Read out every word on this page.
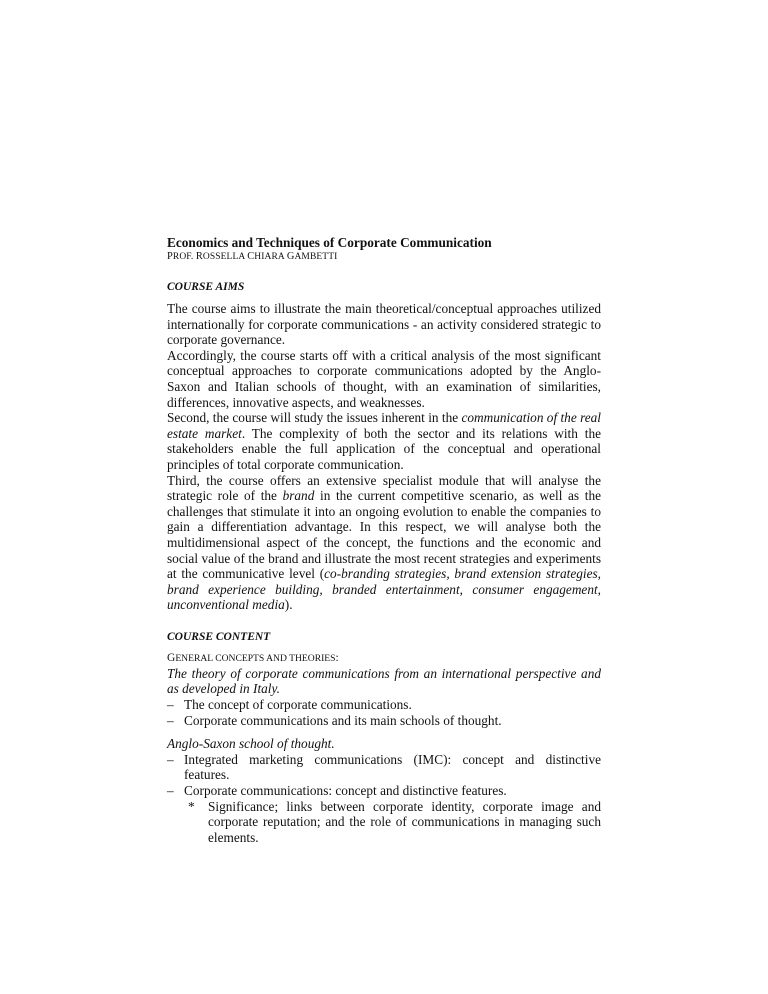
Economics and Techniques of Corporate Communication

PROF. ROSSELLA CHIARA GAMBETTI

COURSE AIMS

The course aims to illustrate the main theoretical/conceptual approaches utilized internationally for corporate communications - an activity considered strategic to corporate governance.

Accordingly, the course starts off with a critical analysis of the most significant conceptual approaches to corporate communications adopted by the Anglo-Saxon and Italian schools of thought, with an examination of similarities, differences, innovative aspects, and weaknesses.

Second, the course will study the issues inherent in the communication of the real estate market. The complexity of both the sector and its relations with the stakeholders enable the full application of the conceptual and operational principles of total corporate communication.

Third, the course offers an extensive specialist module that will analyse the strategic role of the brand in the current competitive scenario, as well as the challenges that stimulate it into an ongoing evolution to enable the companies to gain a differentiation advantage. In this respect, we will analyse both the multidimensional aspect of the concept, the functions and the economic and social value of the brand and illustrate the most recent strategies and experiments at the communicative level (co-branding strategies, brand extension strategies, brand experience building, branded entertainment, consumer engagement, unconventional media).

COURSE CONTENT

GENERAL CONCEPTS AND THEORIES:

The theory of corporate communications from an international perspective and as developed in Italy.

– The concept of corporate communications.
– Corporate communications and its main schools of thought.

Anglo-Saxon school of thought.

– Integrated marketing communications (IMC): concept and distinctive features.
– Corporate communications: concept and distinctive features.
* Significance; links between corporate identity, corporate image and corporate reputation; and the role of communications in managing such elements.
